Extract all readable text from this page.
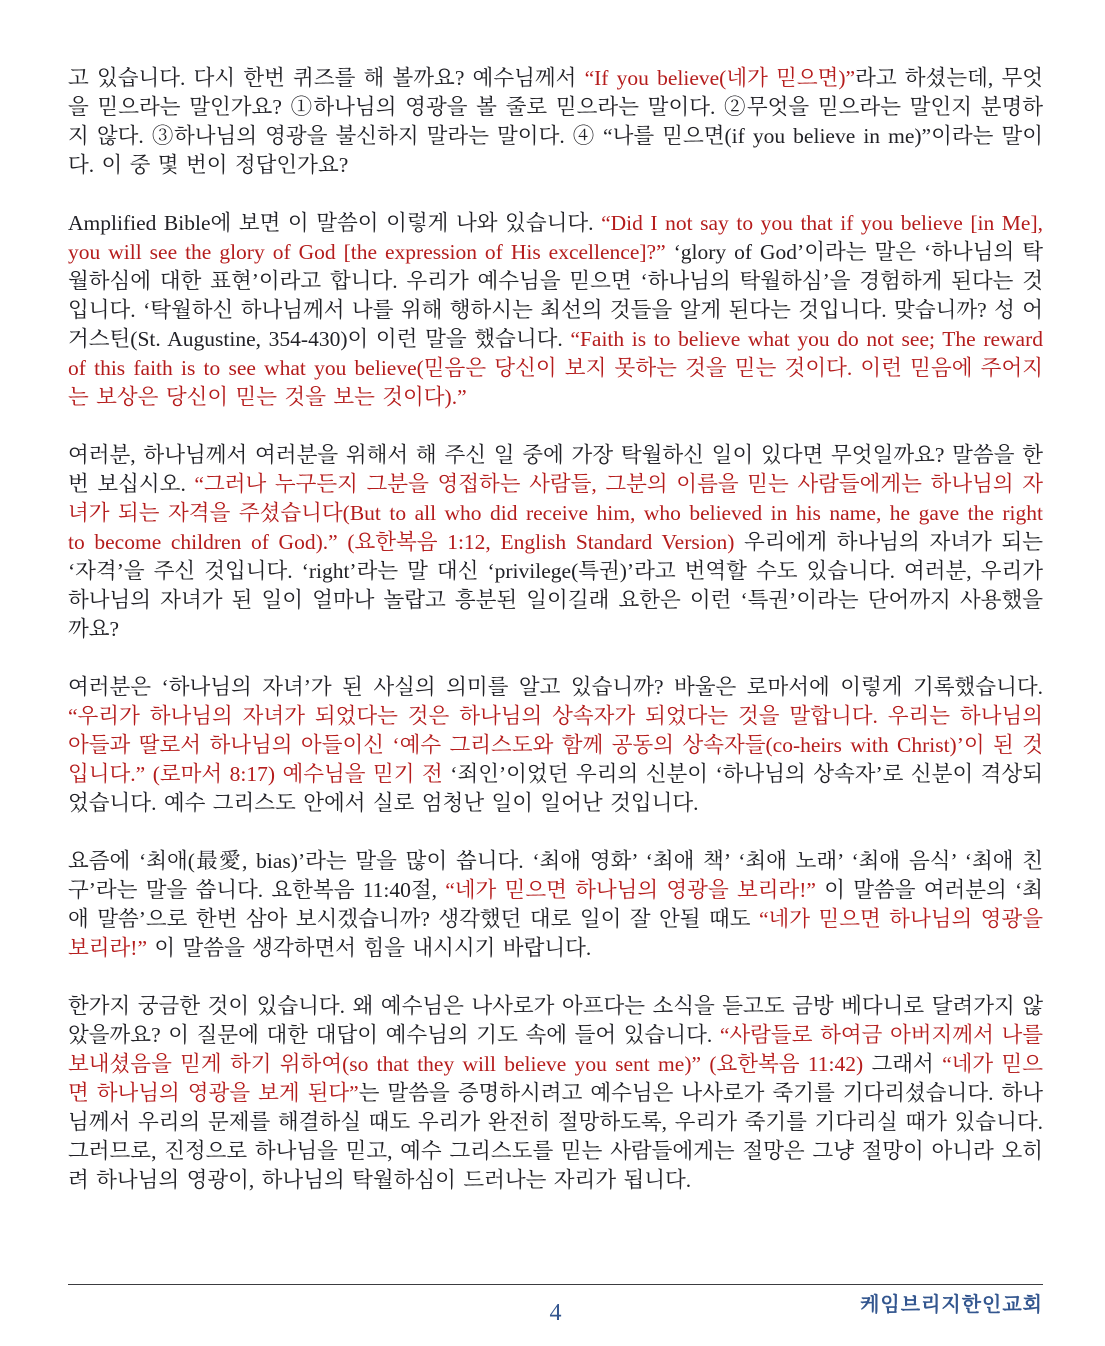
고 있습니다. 다시 한번 퀴즈를 해 볼까요? 예수님께서 “If you believe(네가 믿으면)”라고 하셨는데, 무엇을 믿으라는 말인가요? ①하나님의 영광을 볼 줄로 믿으라는 말이다. ②무엇을 믿으라는 말인지 분명하지 않다. ③하나님의 영광을 불신하지 말라는 말이다. ④ “나를 믿으면(if you believe in me)”이라는 말이다. 이 중 몇 번이 정답인가요?

Amplified Bible에 보면 이 말씀이 이렇게 나와 있습니다. “Did I not say to you that if you believe [in Me], you will see the glory of God [the expression of His excellence]?” ‘glory of God’이라는 말은 ‘하나님의 탁월하심에 대한 표현’이라고 합니다. 우리가 예수님을 믿으면 ‘하나님의 탁월하심’을 경험하게 된다는 것입니다. ‘탁월하신 하나님께서 나를 위해 행하시는 최선의 것들을 알게 된다는 것입니다. 맞습니까? 성 어거스틴(St. Augustine, 354-430)이 이런 말을 했습니다. “Faith is to believe what you do not see; The reward of this faith is to see what you believe(믿음은 당신이 보지 못하는 것을 믿는 것이다. 이런 믿음에 주어지는 보상은 당신이 믿는 것을 보는 것이다).”

여러분, 하나님께서 여러분을 위해서 해 주신 일 중에 가장 탁월하신 일이 있다면 무엇일까요? 말씀을 한번 보십시오. “그러나 누구든지 그분을 영접하는 사람들, 그분의 이름을 믿는 사람들에게는 하나님의 자녀가 되는 자격을 주셨습니다(But to all who did receive him, who believed in his name, he gave the right to become children of God).” (요한복음 1:12, English Standard Version) 우리에게 하나님의 자녀가 되는 ‘자격’을 주신 것입니다. ‘right’라는 말 대신 ‘privilege(특권)’라고 번역할 수도 있습니다. 여러분, 우리가 하나님의 자녀가 된 일이 얼마나 놀랍고 흥분된 일이길래 요한은 이런 ‘특권’이라는 단어까지 사용했을까요?

여러분은 ‘하나님의 자녀’가 된 사실의 의미를 알고 있습니까? 바울은 로마서에 이렇게 기록했습니다. “우리가 하나님의 자녀가 되었다는 것은 하나님의 상속자가 되었다는 것을 말합니다. 우리는 하나님의 아들과 딸로서 하나님의 아들이신 ‘예수 그리스도와 함께 공동의 상속자들(co-heirs with Christ)’이 된 것입니다.” (로마서 8:17) 예수님을 믿기 전 ‘죄인’이었던 우리의 신분이 ‘하나님의 상속자’로 신분이 격상되었습니다. 예수 그리스도 안에서 실로 엄청난 일이 일어난 것입니다.

요즘에 ‘최애(最愛, bias)’라는 말을 많이 씁니다. ‘최애 영화’ ‘최애 책’ ‘최애 노래’ ‘최애 음식’ ‘최애 친구’라는 말을 씁니다. 요한복음 11:40절, “네가 믿으면 하나님의 영광을 보리라!” 이 말씀을 여러분의 ‘최애 말씀’으로 한번 삼아 보시겠습니까? 생각했던 대로 일이 잘 안될 때도 “네가 믿으면 하나님의 영광을 보리라!” 이 말씀을 생각하면서 힘을 내시시기 바랍니다.

한가지 궁금한 것이 있습니다. 왜 예수님은 나사로가 아프다는 소식을 듣고도 금방 베다니로 달려가지 않았을까요? 이 질문에 대한 대답이 예수님의 기도 속에 들어 있습니다. “사람들로 하여금 아버지께서 나를 보내셨음을 믿게 하기 위하여(so that they will believe you sent me)” (요한복음 11:42) 그래서 “네가 믿으면 하나님의 영광을 보게 된다”는 말씀을 증명하시려고 예수님은 나사로가 죽기를 기다리셨습니다. 하나님께서 우리의 문제를 해결하실 때도 우리가 완전히 절망하도록, 우리가 죽기를 기다리실 때가 있습니다. 그러므로, 진정으로 하나님을 믿고, 예수 그리스도를 믿는 사람들에게는 절망은 그냥 절망이 아니라 오히려 하나님의 영광이, 하나님의 탁월하심이 드러나는 자리가 됩니다.

케임브리지한인교회
4
